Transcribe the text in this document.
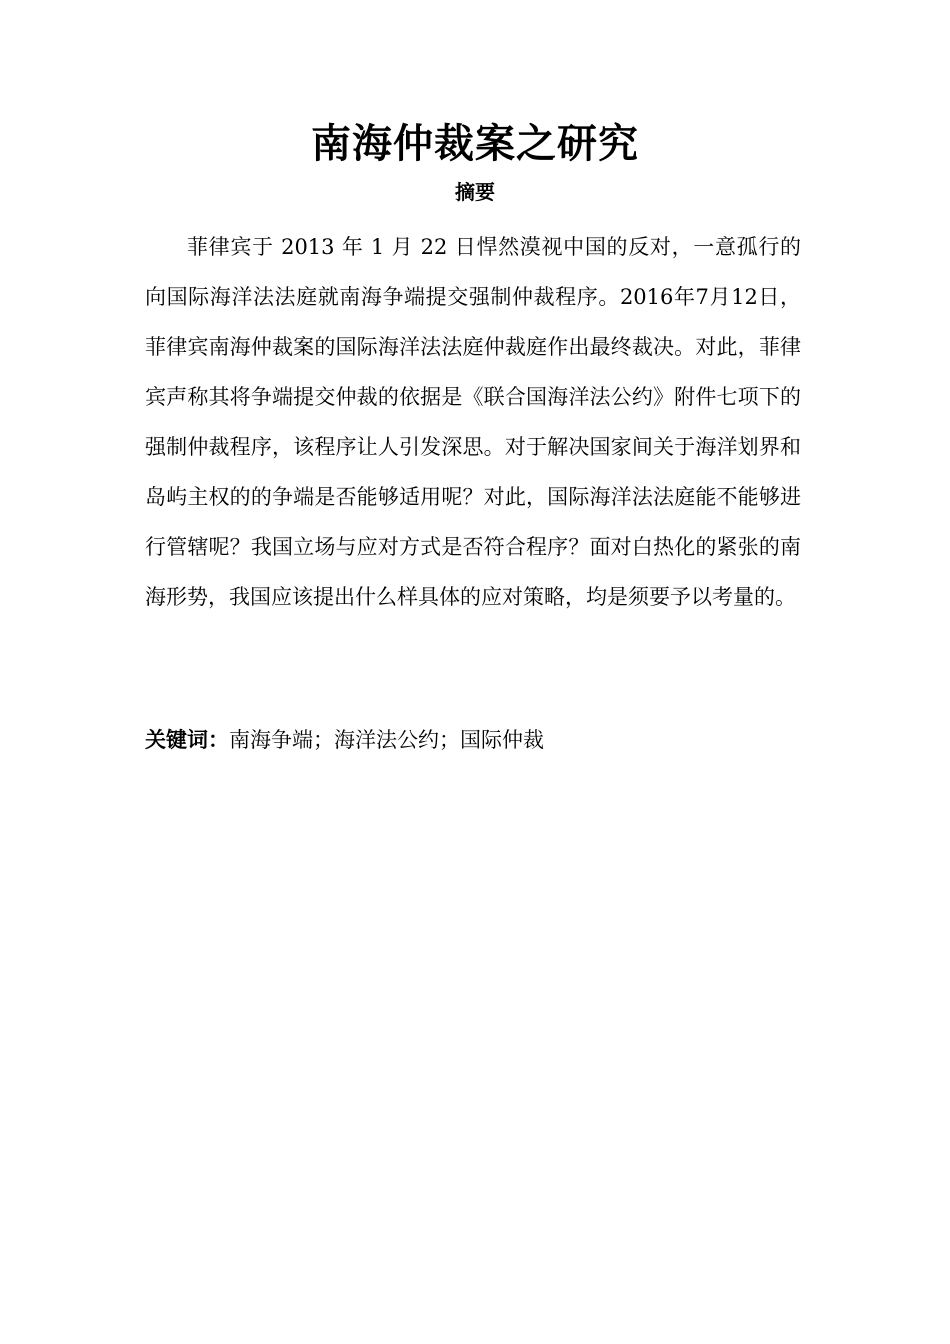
南海仲裁案之研究
摘要

菲律宾于 2013 年 1 月 22 日悍然漠视中国的反对，一意孤行的向国际海洋法法庭就南海争端提交强制仲裁程序。2016年7月12日，菲律宾南海仲裁案的国际海洋法法庭仲裁庭作出最终裁决。对此，菲律宾声称其将争端提交仲裁的依据是《联合国海洋法公约》附件七项下的强制仲裁程序，该程序让人引发深思。对于解决国家间关于海洋划界和岛屿主权的的争端是否能够适用呢？对此，国际海洋法法庭能不能够进行管辖呢？我国立场与应对方式是否符合程序？面对白热化的紧张的南海形势，我国应该提出什么样具体的应对策略，均是须要予以考量的。

关键词：南海争端；海洋法公约；国际仲裁
